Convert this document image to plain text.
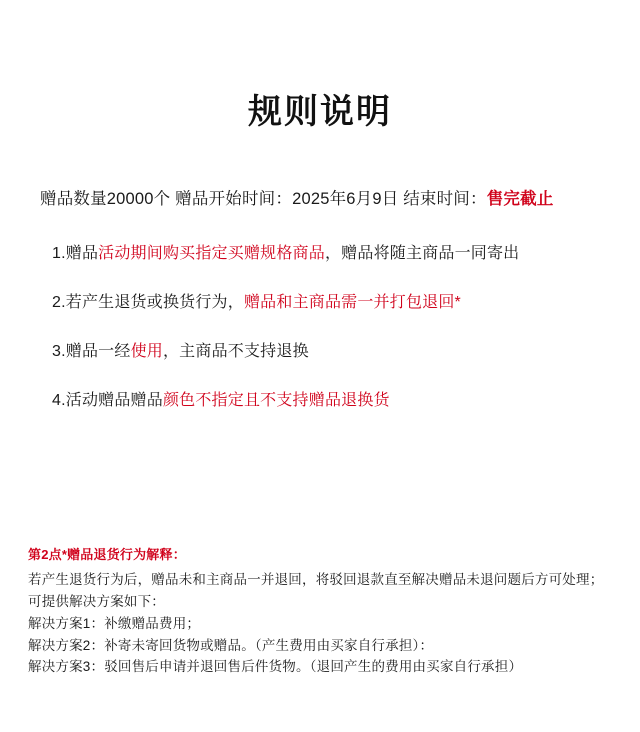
规则说明
赠品数量20000个 赠品开始时间：2025年6月9日 结束时间：售完截止

1.赠品活动期间购买指定买赠规格商品，赠品将随主商品一同寄出

2.若产生退货或换货行为，赠品和主商品需一并打包退回*

3.赠品一经使用，主商品不支持退换

4.活动赠品赠品颜色不指定且不支持赠品退换货

第2点*赠品退货行为解释：

若产生退货行为后，赠品未和主商品一并退回，将驳回退款直至解决赠品未退问题后方可处理；
可提供解决方案如下：
解决方案1：补缴赠品费用；
解决方案2：补寄未寄回货物或赠品。（产生费用由买家自行承担）：
解决方案3：驳回售后申请并退回售后件货物。（退回产生的费用由买家自行承担）
